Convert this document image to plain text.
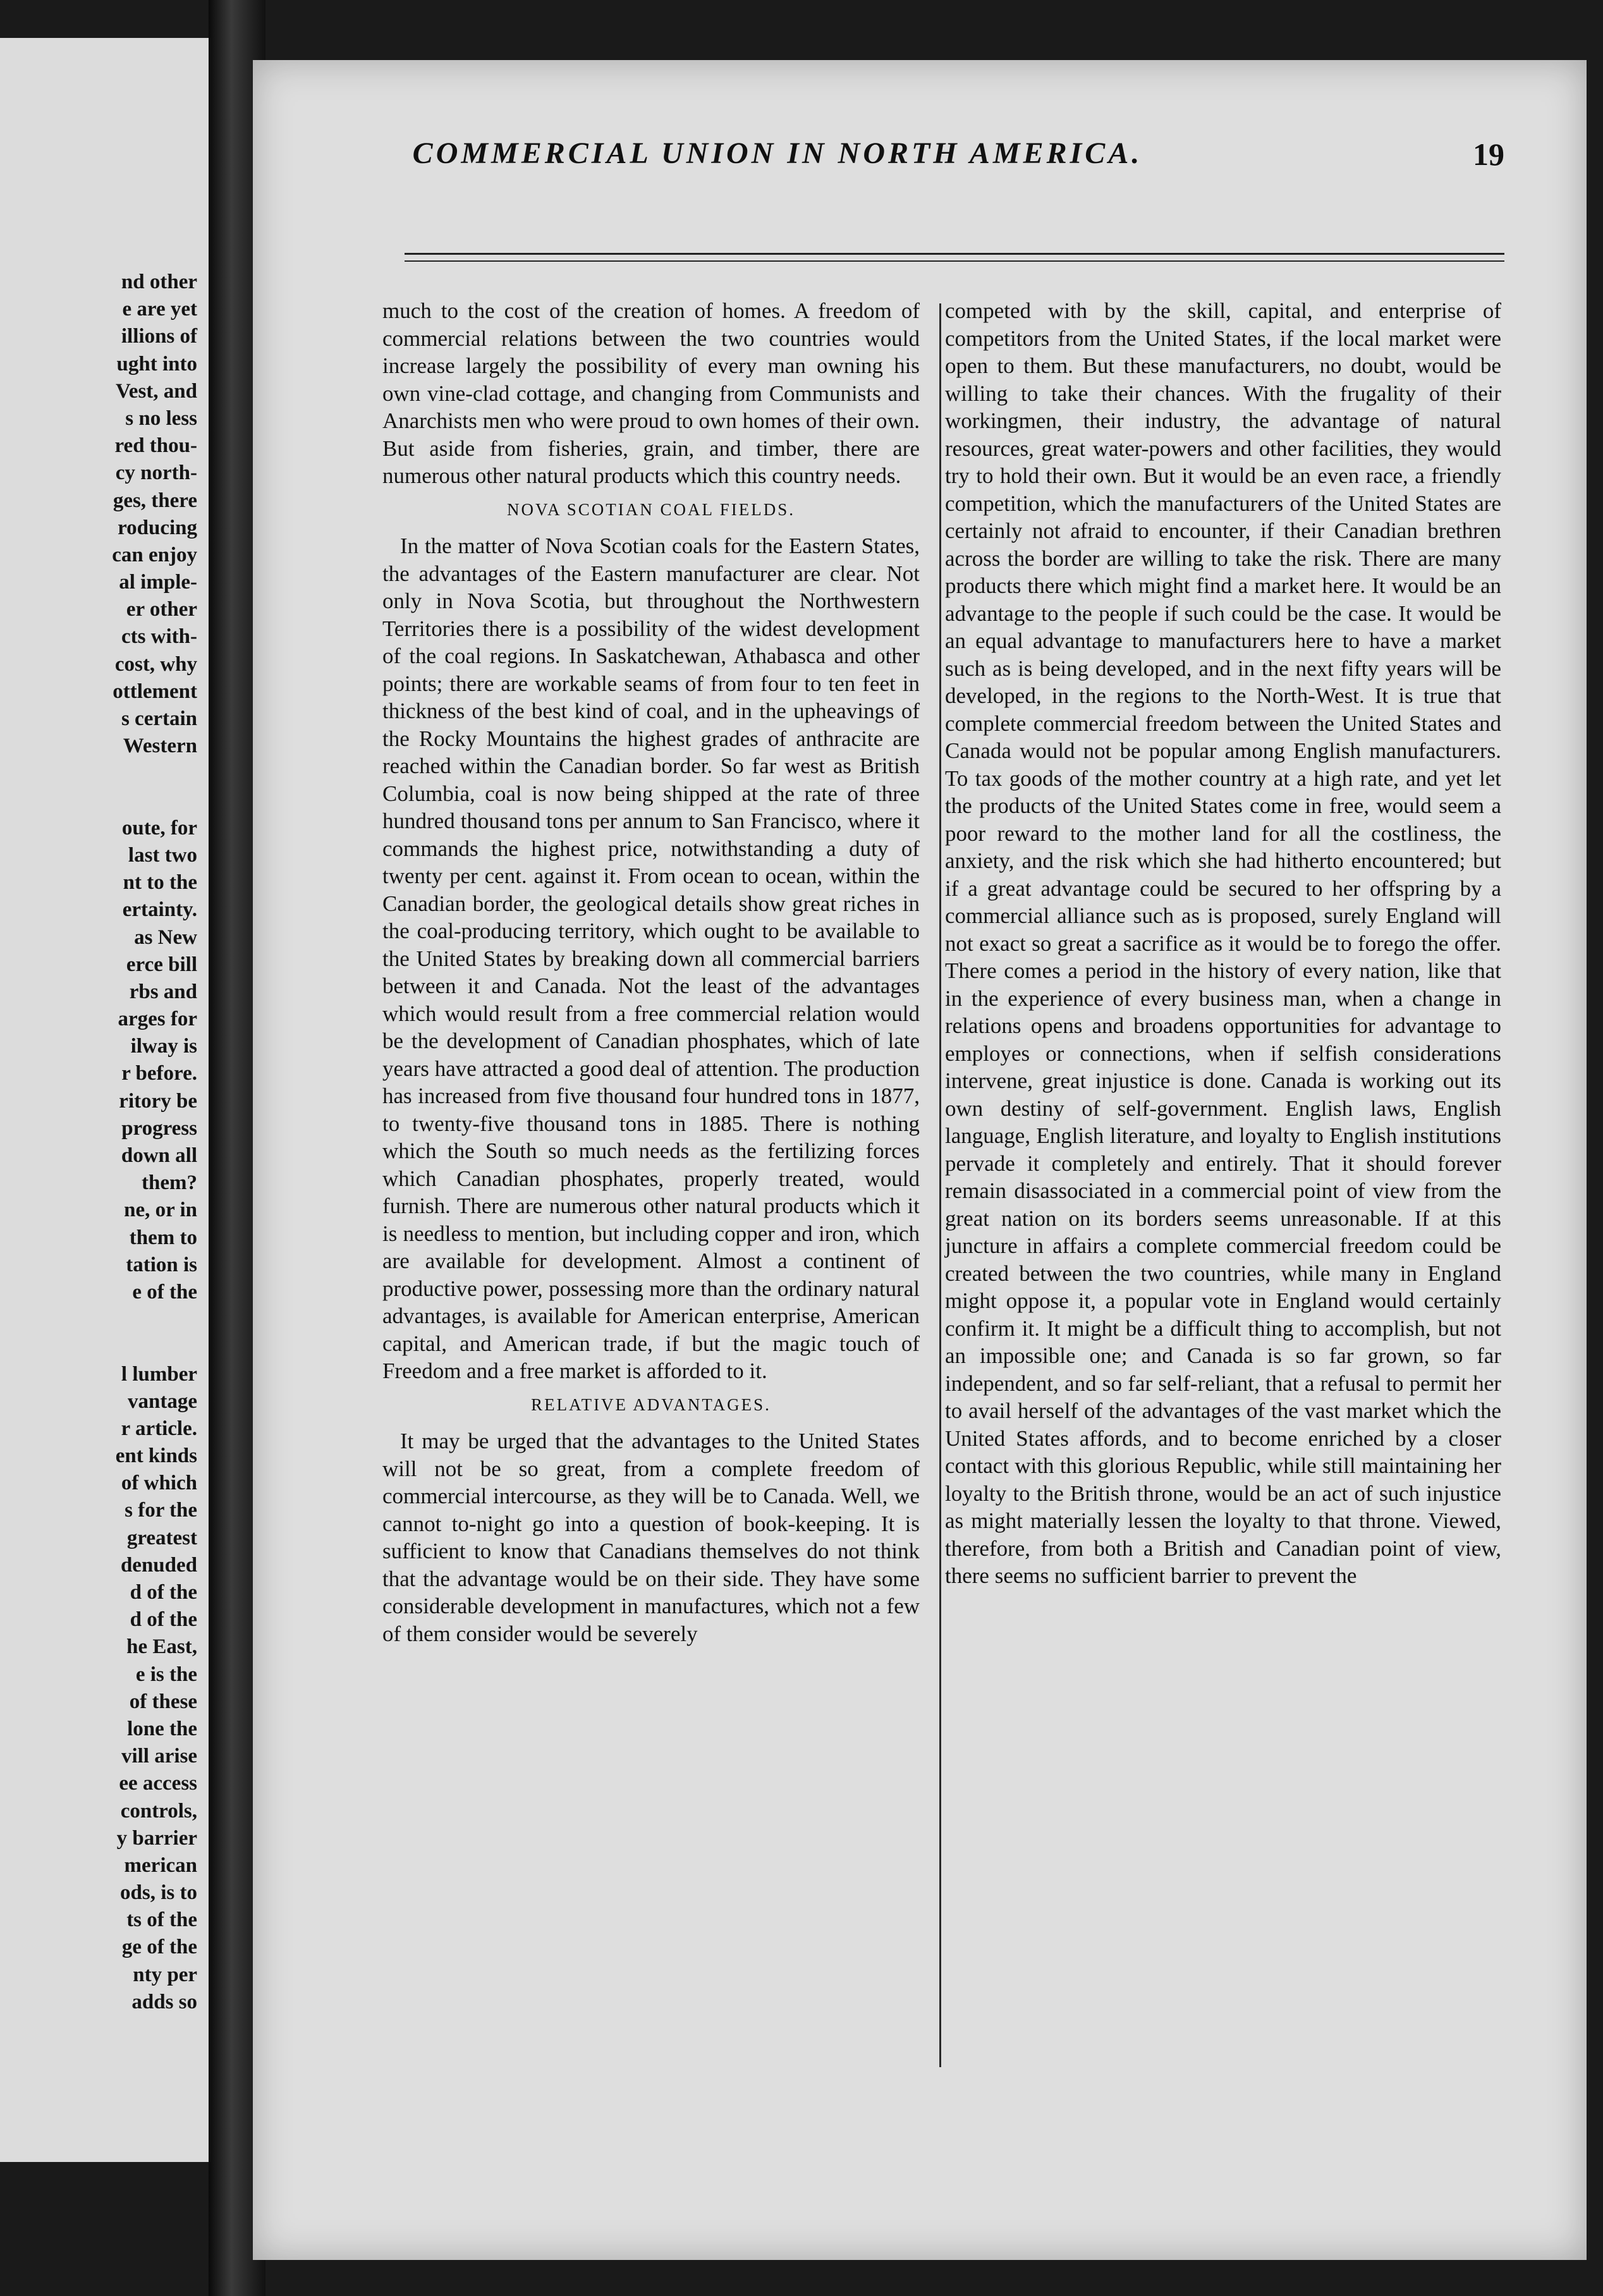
nd other
e are yet
illions of
ught into
Vest, and
s no less
red thou-
cy north-
ges, there
roducing
can enjoy
al imple-
er other
cts with-
cost, why
ottlement
s certain
Western
oute, for
last two
nt to the
ertainty.
as New
erce bill
rbs and
arges for
ilway is
r before.
ritory be
progress
down all
them?
ne, or in
them to
tation is
e of the
l lumber
vantage
r article.
ent kinds
of which
s for the
greatest
denuded
d of the
d of the
he East,
e is the
of these
lone the
vill arise
ee access
controls,
y barrier
merican
ods, is to
ts of the
ge of the
nty per
adds so
COMMERCIAL UNION IN NORTH AMERICA.	19

much to the cost of the creation of homes. A freedom of commercial relations between the two countries would increase largely the possibility of every man owning his own vine-clad cottage, and changing from Communists and Anarchists men who were proud to own homes of their own. But aside from fisheries, grain, and timber, there are numerous other natural products which this country needs.

NOVA SCOTIAN COAL FIELDS.

In the matter of Nova Scotian coals for the Eastern States, the advantages of the Eastern manufacturer are clear. Not only in Nova Scotia, but throughout the Northwestern Territories there is a possibility of the widest development of the coal regions. In Saskatchewan, Athabasca and other points; there are workable seams of from four to ten feet in thickness of the best kind of coal, and in the upheavings of the Rocky Mountains the highest grades of anthracite are reached within the Canadian border. So far west as British Columbia, coal is now being shipped at the rate of three hundred thousand tons per annum to San Francisco, where it commands the highest price, notwithstanding a duty of twenty per cent. against it. From ocean to ocean, within the Canadian border, the geological details show great riches in the coal-producing territory, which ought to be available to the United States by breaking down all commercial barriers between it and Canada. Not the least of the advantages which would result from a free commercial relation would be the development of Canadian phosphates, which of late years have attracted a good deal of attention. The production has increased from five thousand four hundred tons in 1877, to twenty-five thousand tons in 1885. There is nothing which the South so much needs as the fertilizing forces which Canadian phosphates, properly treated, would furnish. There are numerous other natural products which it is needless to mention, but including copper and iron, which are available for development. Almost a continent of productive power, possessing more than the ordinary natural advantages, is available for American enterprise, American capital, and American trade, if but the magic touch of Freedom and a free market is afforded to it.

RELATIVE ADVANTAGES.

It may be urged that the advantages to the United States will not be so great, from a complete freedom of commercial intercourse, as they will be to Canada. Well, we cannot to-night go into a question of book-keeping. It is sufficient to know that Canadians themselves do not think that the advantage would be on their side. They have some considerable development in manufactures, which not a few of them consider would be severely

competed with by the skill, capital, and enterprise of competitors from the United States, if the local market were open to them. But these manufacturers, no doubt, would be willing to take their chances. With the frugality of their workingmen, their industry, the advantage of natural resources, great water-powers and other facilities, they would try to hold their own. But it would be an even race, a friendly competition, which the manufacturers of the United States are certainly not afraid to encounter, if their Canadian brethren across the border are willing to take the risk. There are many products there which might find a market here. It would be an advantage to the people if such could be the case. It would be an equal advantage to manufacturers here to have a market such as is being developed, and in the next fifty years will be developed, in the regions to the North-West. It is true that complete commercial freedom between the United States and Canada would not be popular among English manufacturers. To tax goods of the mother country at a high rate, and yet let the products of the United States come in free, would seem a poor reward to the mother land for all the costliness, the anxiety, and the risk which she had hitherto encountered; but if a great advantage could be secured to her offspring by a commercial alliance such as is proposed, surely England will not exact so great a sacrifice as it would be to forego the offer. There comes a period in the history of every nation, like that in the experience of every business man, when a change in relations opens and broadens opportunities for advantage to employes or connections, when if selfish considerations intervene, great injustice is done. Canada is working out its own destiny of self-government. English laws, English language, English literature, and loyalty to English institutions pervade it completely and entirely. That it should forever remain disassociated in a commercial point of view from the great nation on its borders seems unreasonable. If at this juncture in affairs a complete commercial freedom could be created between the two countries, while many in England might oppose it, a popular vote in England would certainly confirm it. It might be a difficult thing to accomplish, but not an impossible one; and Canada is so far grown, so far independent, and so far self-reliant, that a refusal to permit her to avail herself of the advantages of the vast market which the United States affords, and to become enriched by a closer contact with this glorious Republic, while still maintaining her loyalty to the British throne, would be an act of such injustice as might materially lessen the loyalty to that throne. Viewed, therefore, from both a British and Canadian point of view, there seems no sufficient barrier to prevent the
